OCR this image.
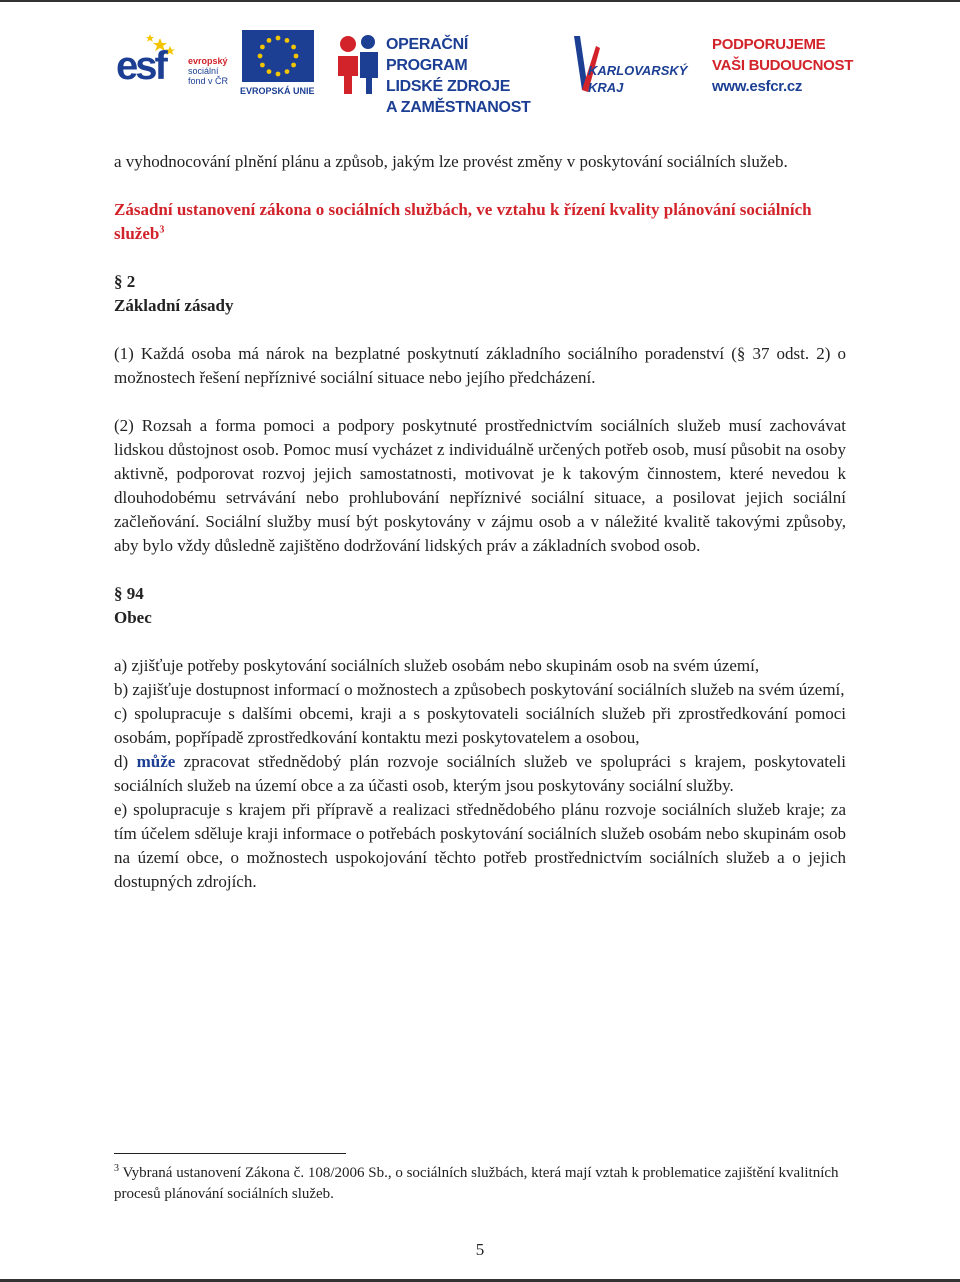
esf	evropský
sociální
fond v ČR
EVROPSKÁ UNIE
OPERAČNÍ PROGRAM
LIDSKÉ ZDROJE
A ZAMĚSTNANOST
KARLOVARSKÝ
KRAJ
PODPORUJEME
VAŠI BUDOUCNOST
www.esfcr.cz

a vyhodnocování plnění plánu a způsob, jakým lze provést změny v poskytování sociálních služeb.

Zásadní ustanovení zákona o sociálních službách, ve vztahu k řízení kvality plánování sociálních služeb$^3$

§ 2

Základní zásady

(1) Každá osoba má nárok na bezplatné poskytnutí základního sociálního poradenství (§ 37 odst. 2) o možnostech řešení nepříznivé sociální situace nebo jejího předcházení.

(2) Rozsah a forma pomoci a podpory poskytnuté prostřednictvím sociálních služeb musí zachovávat lidskou důstojnost osob. Pomoc musí vycházet z individuálně určených potřeb osob, musí působit na osoby aktivně, podporovat rozvoj jejich samostatnosti, motivovat je k takovým činnostem, které nevedou k dlouhodobému setrvávání nebo prohlubování nepříznivé sociální situace, a posilovat jejich sociální začleňování. Sociální služby musí být poskytovány v zájmu osob a v náležité kvalitě takovými způsoby, aby bylo vždy důsledně zajištěno dodržování lidských práv a základních svobod osob.

§ 94

Obec

a) zjišťuje potřeby poskytování sociálních služeb osobám nebo skupinám osob na svém území,

b) zajišťuje dostupnost informací o možnostech a způsobech poskytování sociálních služeb na svém území,

c) spolupracuje s dalšími obcemi, kraji a s poskytovateli sociálních služeb při zprostředkování pomoci osobám, popřípadě zprostředkování kontaktu mezi poskytovatelem a osobou,

d) může zpracovat střednědobý plán rozvoje sociálních služeb ve spolupráci s krajem, poskytovateli sociálních služeb na území obce a za účasti osob, kterým jsou poskytovány sociální služby.

e) spolupracuje s krajem při přípravě a realizaci střednědobého plánu rozvoje sociálních služeb kraje; za tím účelem sděluje kraji informace o potřebách poskytování sociálních služeb osobám nebo skupinám osob na území obce, o možnostech uspokojování těchto potřeb prostřednictvím sociálních služeb a o jejich dostupných zdrojích.

$^3$ Vybraná ustanovení Zákona č. 108/2006 Sb., o sociálních službách, která mají vztah k problematice zajištění kvalitních procesů plánování sociálních služeb.
5
